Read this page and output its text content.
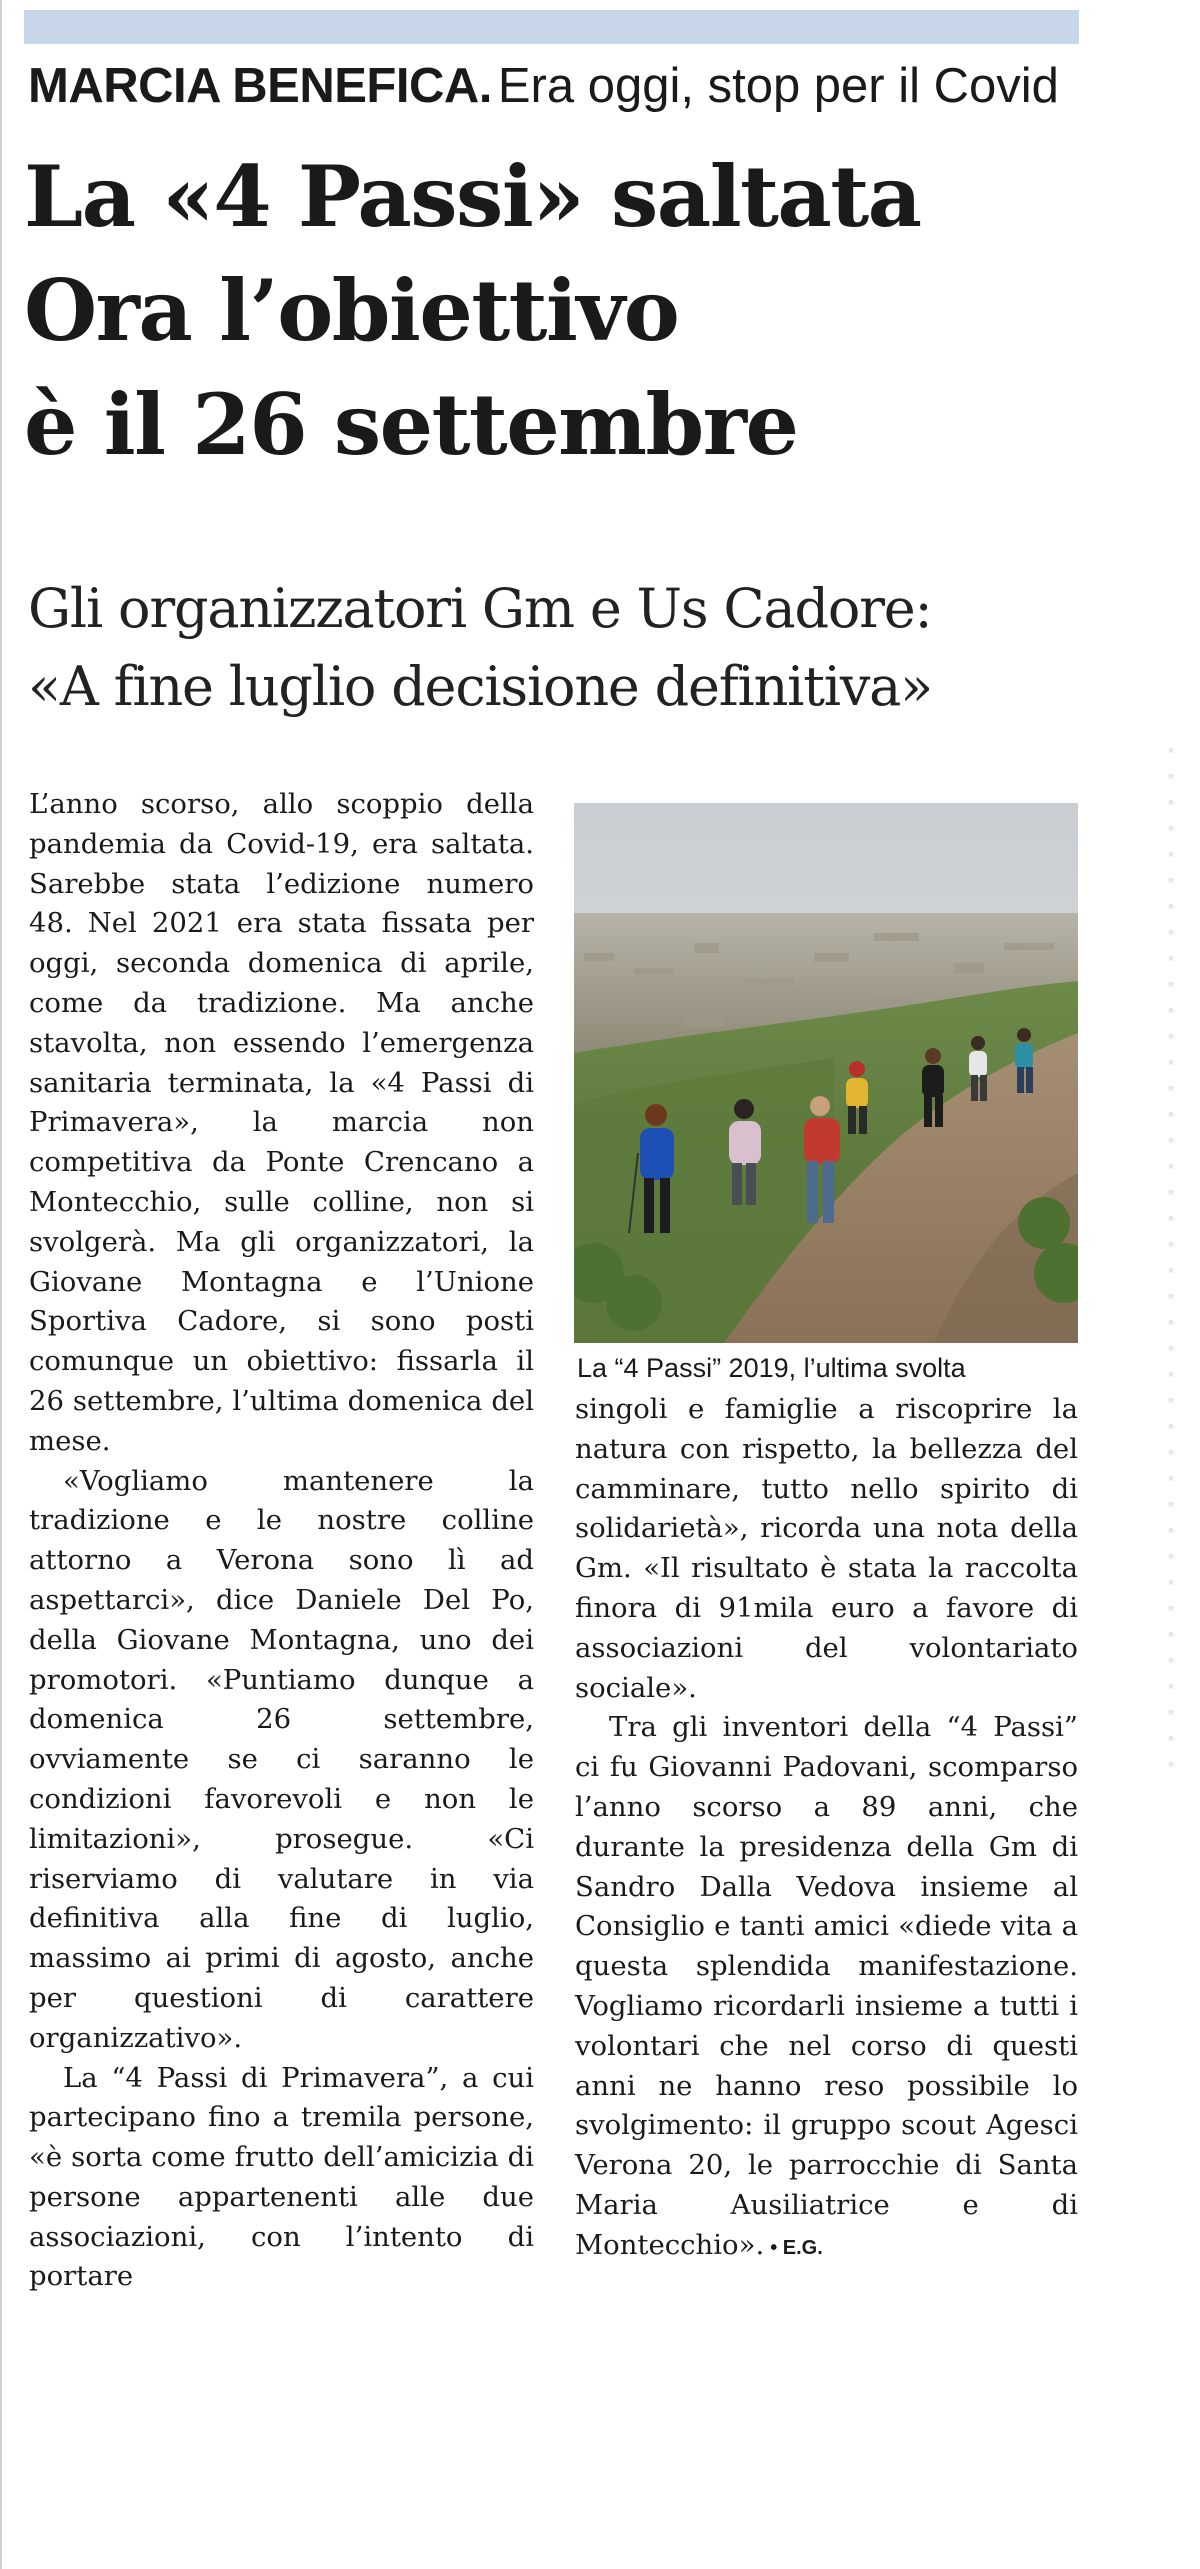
MARCIA BENEFICA. Era oggi, stop per il Covid
La «4 Passi» saltata
Ora l’obiettivo
è il 26 settembre
Gli organizzatori Gm e Us Cadore:
«A fine luglio decisione definitiva»

L’anno scorso, allo scoppio della pandemia da Covid-19, era saltata. Sarebbe stata l’edizione numero 48. Nel 2021 era stata fissata per oggi, seconda domenica di aprile, come da tradizione. Ma anche stavolta, non essendo l’emergenza sanitaria terminata, la «4 Passi di Primavera», la marcia non competitiva da Ponte Crencano a Montecchio, sulle colline, non si svolgerà. Ma gli organizzatori, la Giovane Montagna e l’Unione Sportiva Cadore, si sono posti comunque un obiettivo: fissarla il 26 settembre, l’ultima domenica del mese.

«Vogliamo mantenere la tradizione e le nostre colline attorno a Verona sono lì ad aspettarci», dice Daniele Del Po, della Giovane Montagna, uno dei promotori. «Puntiamo dunque a domenica 26 settembre, ovviamente se ci saranno le condizioni favorevoli e non le limitazioni», prosegue. «Ci riserviamo di valutare in via definitiva alla fine di luglio, massimo ai primi di agosto, anche per questioni di carattere organizzativo».

La “4 Passi di Primavera”, a cui partecipano fino a tremila persone, «è sorta come frutto dell’amicizia di persone appartenenti alle due associazioni, con l’intento di portare

La “4 Passi” 2019, l’ultima svolta

singoli e famiglie a riscoprire la natura con rispetto, la bellezza del camminare, tutto nello spirito di solidarietà», ricorda una nota della Gm. «Il risultato è stata la raccolta finora di 91mila euro a favore di associazioni del volontariato sociale».

Tra gli inventori della “4 Passi” ci fu Giovanni Padovani, scomparso l’anno scorso a 89 anni, che durante la presidenza della Gm di Sandro Dalla Vedova insieme al Consiglio e tanti amici «diede vita a questa splendida manifestazione. Vogliamo ricordarli insieme a tutti i volontari che nel corso di questi anni ne hanno reso possibile lo svolgimento: il gruppo scout Agesci Verona 20, le parrocchie di Santa Maria Ausiliatrice e di Montecchio». • E.G.

▪▪▪▪▪▪▪▪▪▪▪▪▪▪▪▪▪▪▪▪▪▪▪▪▪▪▪▪▪▪▪▪▪▪▪▪▪▪▪▪
